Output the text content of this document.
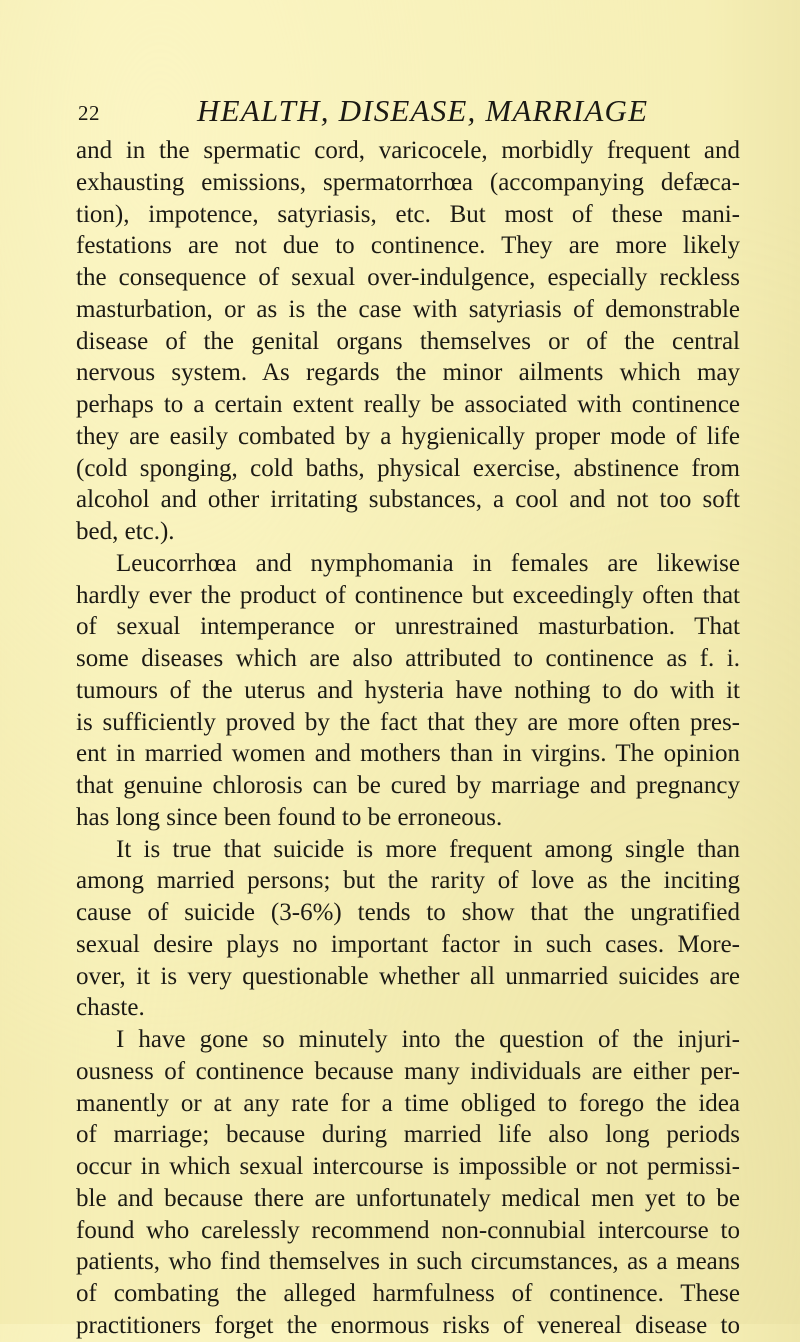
22	HEALTH, DISEASE, MARRIAGE
and in the spermatic cord, varicocele, morbidly frequent and
exhausting emissions, spermatorrhœa (accompanying defæca-
tion), impotence, satyriasis, etc. But most of these mani-
festations are not due to continence. They are more likely
the consequence of sexual over-indulgence, especially reckless
masturbation, or as is the case with satyriasis of demonstrable
disease of the genital organs themselves or of the central
nervous system. As regards the minor ailments which may
perhaps to a certain extent really be associated with continence
they are easily combated by a hygienically proper mode of life
(cold sponging, cold baths, physical exercise, abstinence from
alcohol and other irritating substances, a cool and not too soft
bed, etc.).
Leucorrhœa and nymphomania in females are likewise
hardly ever the product of continence but exceedingly often that
of sexual intemperance or unrestrained masturbation. That
some diseases which are also attributed to continence as f. i.
tumours of the uterus and hysteria have nothing to do with it
is sufficiently proved by the fact that they are more often pres-
ent in married women and mothers than in virgins. The opinion
that genuine chlorosis can be cured by marriage and pregnancy
has long since been found to be erroneous.
It is true that suicide is more frequent among single than
among married persons; but the rarity of love as the inciting
cause of suicide (3-6%) tends to show that the ungratified
sexual desire plays no important factor in such cases. More-
over, it is very questionable whether all unmarried suicides are
chaste.
I have gone so minutely into the question of the injuri-
ousness of continence because many individuals are either per-
manently or at any rate for a time obliged to forego the idea
of marriage; because during married life also long periods
occur in which sexual intercourse is impossible or not permissi-
ble and because there are unfortunately medical men yet to be
found who carelessly recommend non-connubial intercourse to
patients, who find themselves in such circumstances, as a means
of combating the alleged harmfulness of continence. These
practitioners forget the enormous risks of venereal disease to
